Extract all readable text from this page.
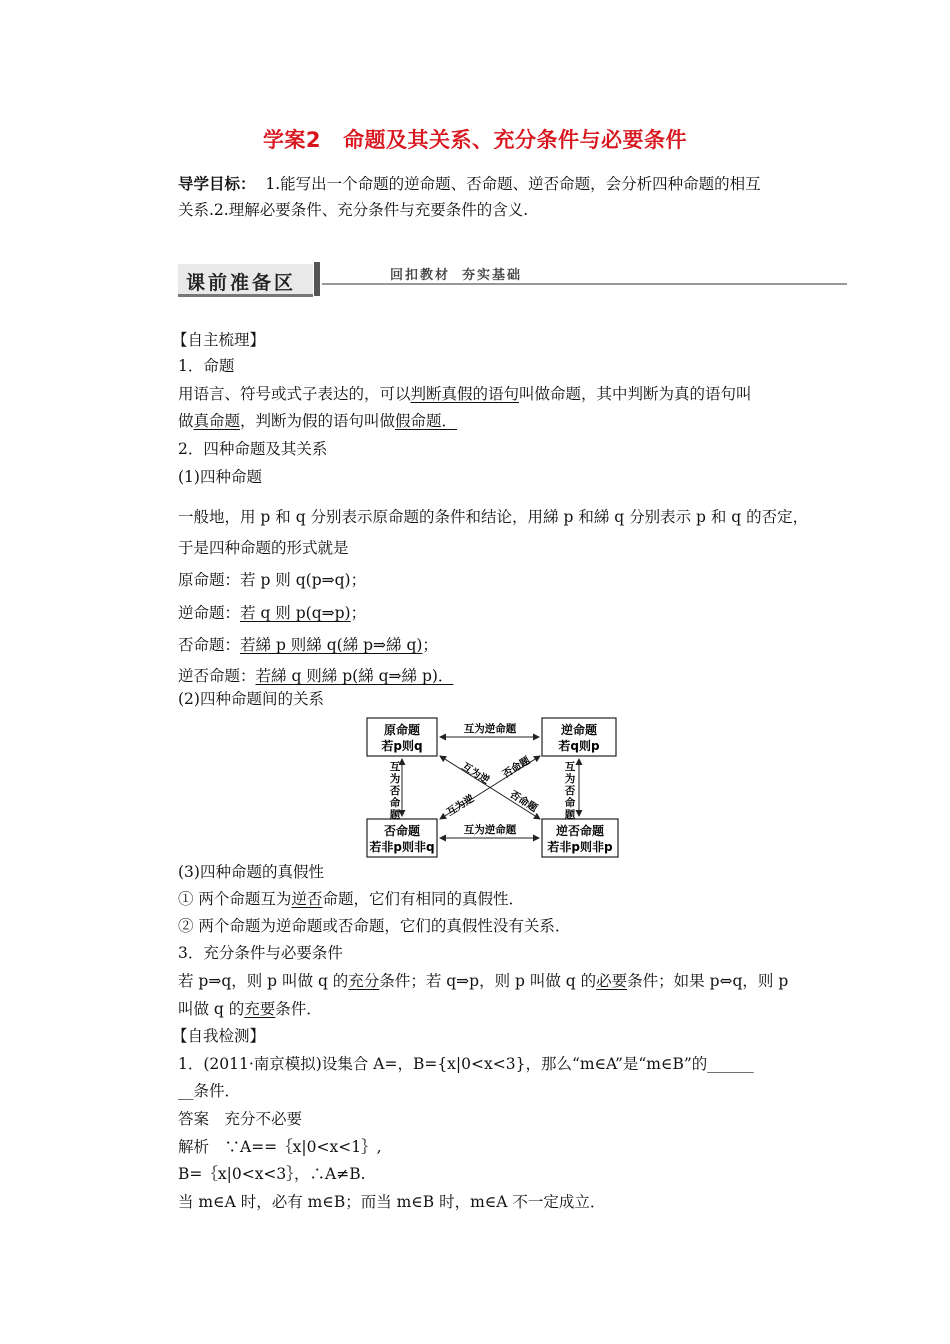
学案2 命题及其关系、充分条件与必要条件
导学目标： 1.能写出一个命题的逆命题、否命题、逆否命题，会分析四种命题的相互
关系.2.理解必要条件、充分条件与充要条件的含义.
课前准备区	回扣教材 夯实基础
【自主梳理】
1．命题
用语言、符号或式子表达的，可以判断真假的语句叫做命题，其中判断为真的语句叫
做真命题，判断为假的语句叫做假命题．
2．四种命题及其关系
(1)四种命题
一般地，用 p 和 q 分别表示原命题的条件和结论，用綈 p 和綈 q 分别表示 p 和 q 的否定，
于是四种命题的形式就是
原命题：若 p 则 q(p⇒q)；
逆命题：若 q 则 p(q⇒p)；
否命题：若綈 p 则綈 q(綈 p⇒綈 q)；
逆否命题：若綈 q 则綈 p(綈 q⇒綈 p)．
(2)四种命题间的关系
原命题
若p则q
逆命题
若q则p
否命题
若非p则非q
逆否命题
若非p则非p
互为逆命题
互为逆命题
互
为
否
命
题
互
为
否
命
题
互为逆 否命题
互为逆	否命题
(3)四种命题的真假性
① 两个命题互为逆否命题，它们有相同的真假性．
② 两个命题为逆命题或否命题，它们的真假性没有关系．
3．充分条件与必要条件
若 p⇒q，则 p 叫做 q 的充分条件；若 q⇒p，则 p 叫做 q 的必要条件；如果 p⇔q，则 p
叫做 q 的充要条件．
【自我检测】
1．(2011·南京模拟)设集合 A=，B={x|0<x<3}，那么“m∈A”是“m∈B”的______
__条件．
答案　充分不必要
解析　∵A==｛x|0<x<1｝,
B=｛x|0<x<3｝，∴A≠B.
当 m∈A 时，必有 m∈B；而当 m∈B 时，m∈A 不一定成立．
